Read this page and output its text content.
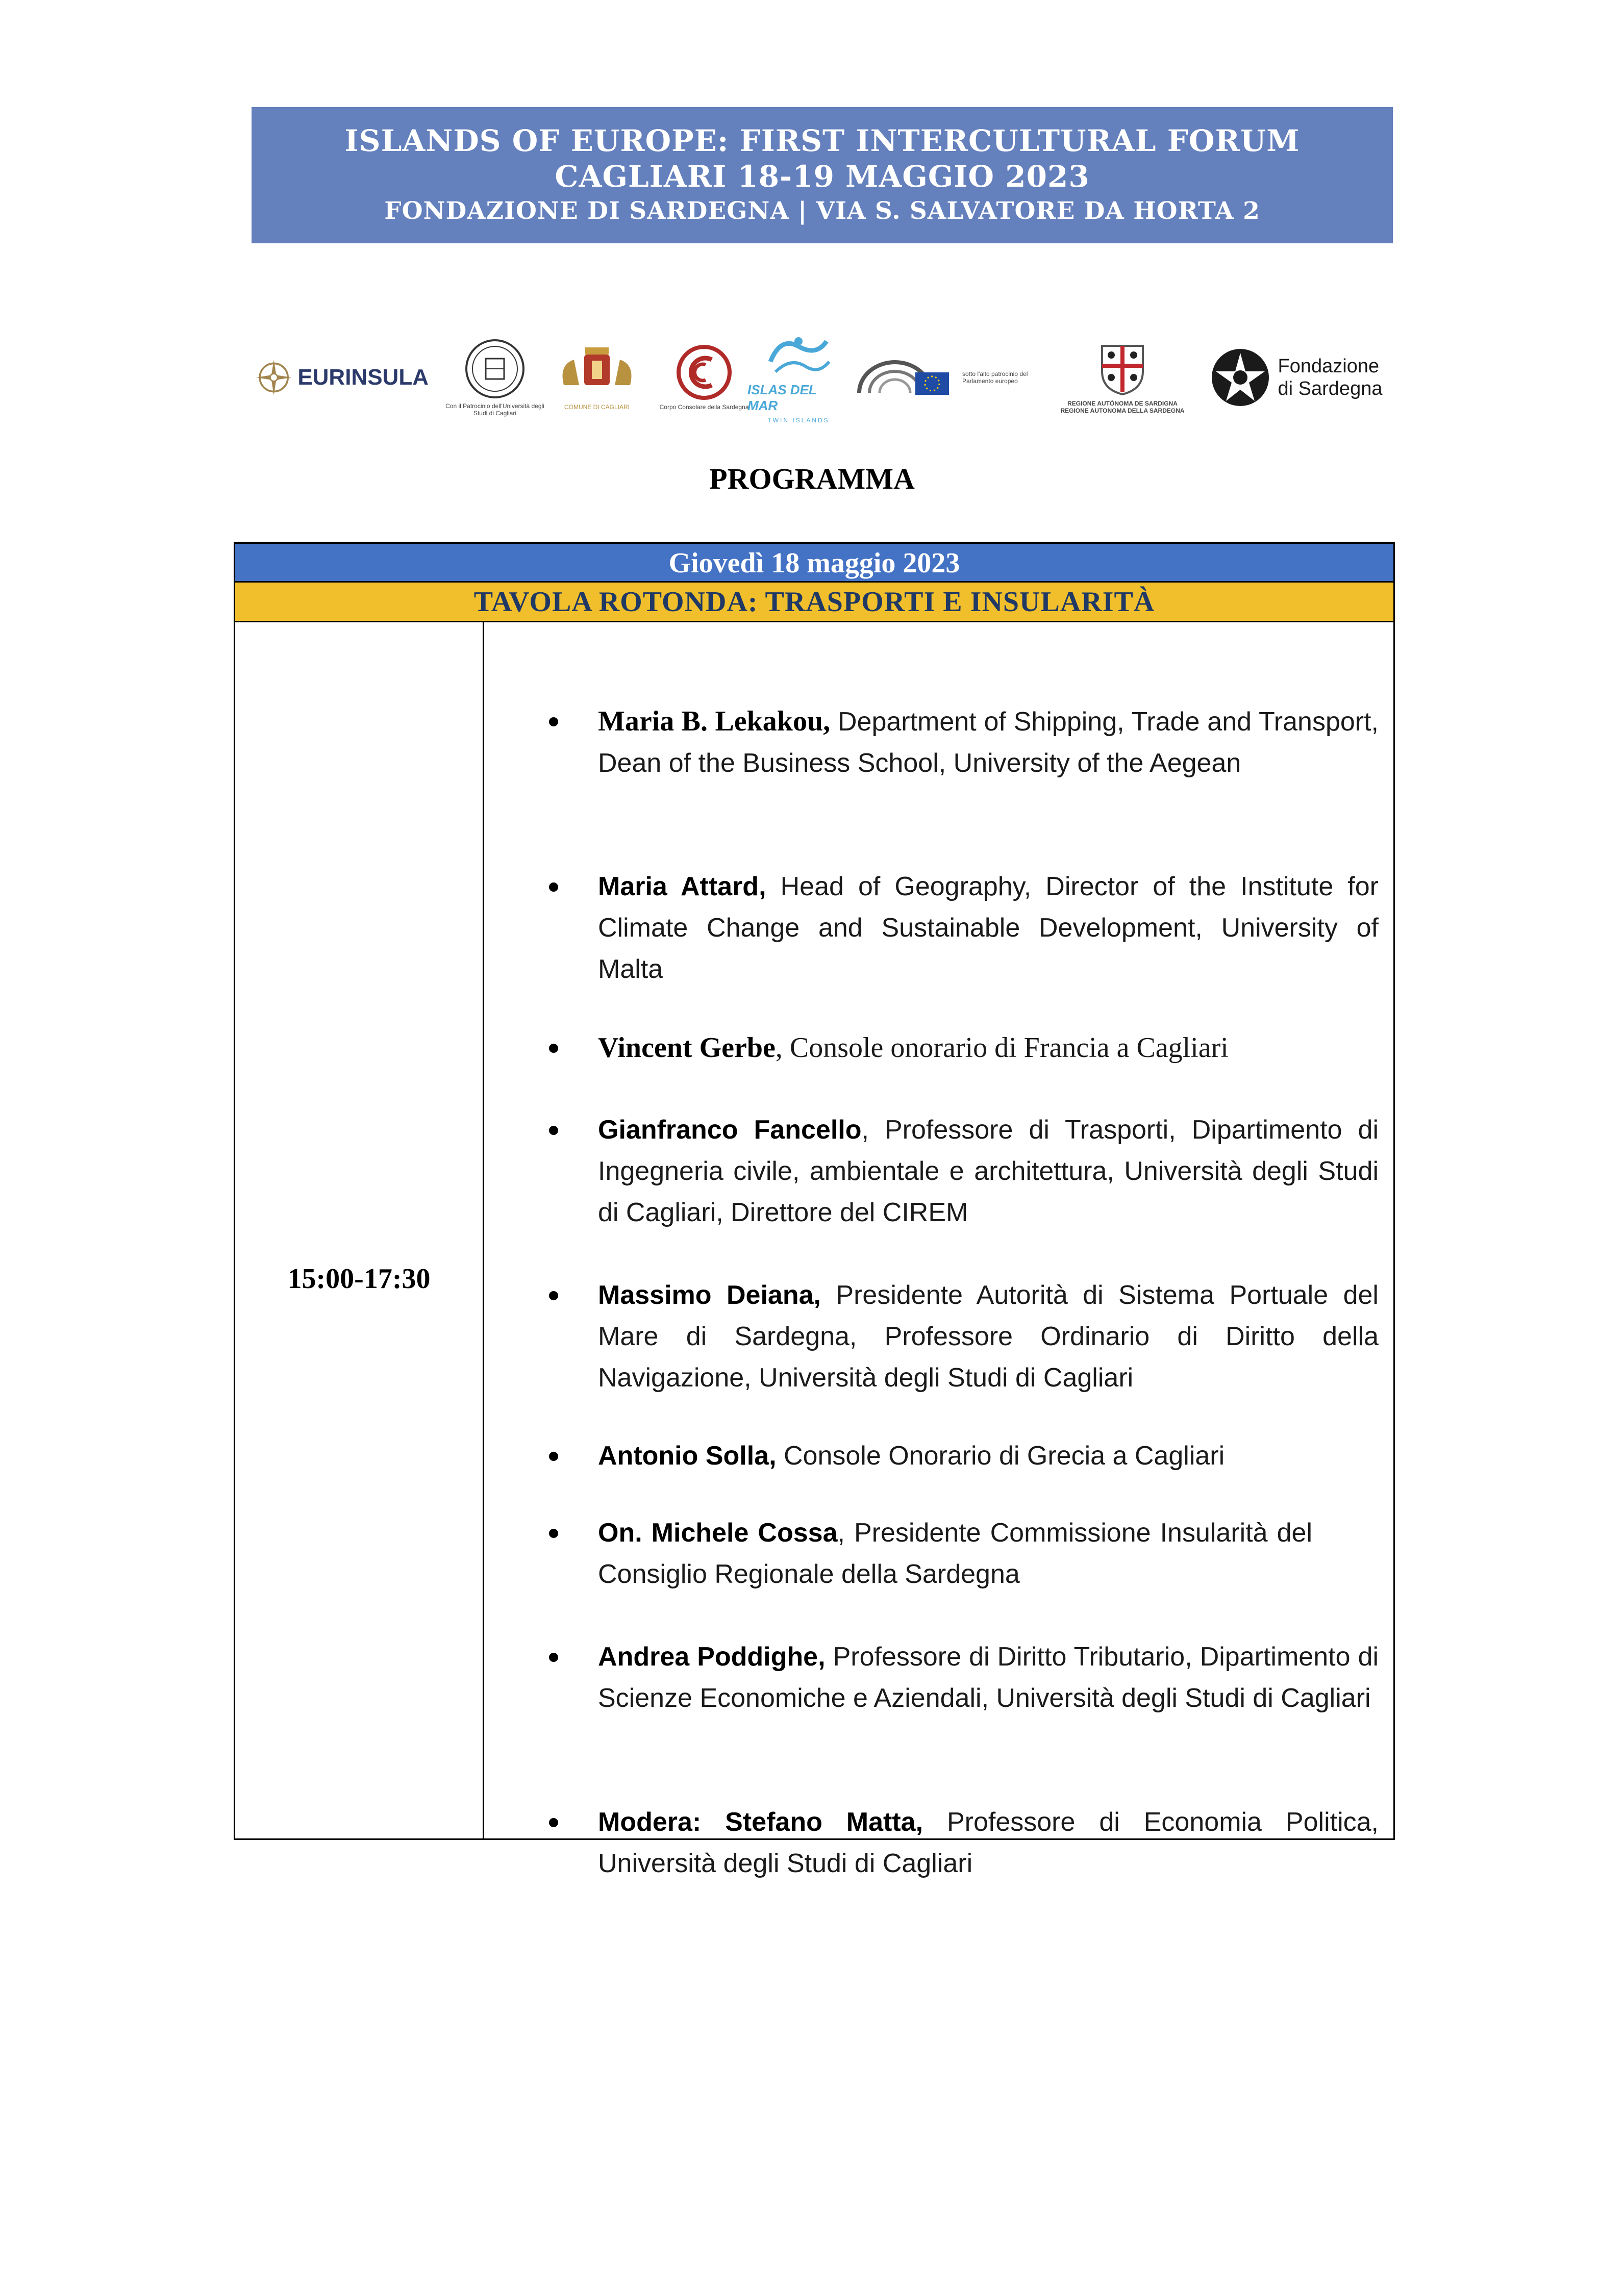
ISLANDS OF EUROPE: FIRST INTERCULTURAL FORUM
CAGLIARI 18-19 MAGGIO 2023
FONDAZIONE DI SARDEGNA | VIA S. SALVATORE DA HORTA 2
EURINSULA
Con il Patrocinio dell'Università degli Studi di Cagliari
COMUNE DI CAGLIARI	Corpo Consolare della Sardegna
ISLAS DEL MAR
TWIN ISLANDS
sotto l'alto patrocinio del Parlamento europeo
REGIONE AUTÒNOMA DE SARDIGNA REGIONE AUTONOMA DELLA SARDEGNA
Fondazione
di Sardegna
PROGRAMMA
Giovedì 18 maggio 2023
TAVOLA ROTONDA: TRASPORTI E INSULARITÀ
15:00-17:30
Maria B. Lekakou, Department of Shipping, Trade and Transport, Dean of the Business School, University of the Aegean
Maria Attard, Head of Geography, Director of the Institute for Climate Change and Sustainable Development, University of Malta
Vincent Gerbe, Console onorario di Francia a Cagliari
Gianfranco Fancello, Professore di Trasporti, Dipartimento di Ingegneria civile, ambientale e architettura, Università degli Studi di Cagliari, Direttore del CIREM
Massimo Deiana, Presidente Autorità di Sistema Portuale del Mare di Sardegna, Professore Ordinario di Diritto della Navigazione, Università degli Studi di Cagliari
Antonio Solla, Console Onorario di Grecia a Cagliari
On. Michele Cossa, Presidente Commissione Insularità del Consiglio Regionale della Sardegna
Andrea Poddighe, Professore di Diritto Tributario, Dipartimento di Scienze Economiche e Aziendali, Università degli Studi di Cagliari
Modera: Stefano Matta, Professore di Economia Politica, Università degli Studi di Cagliari
